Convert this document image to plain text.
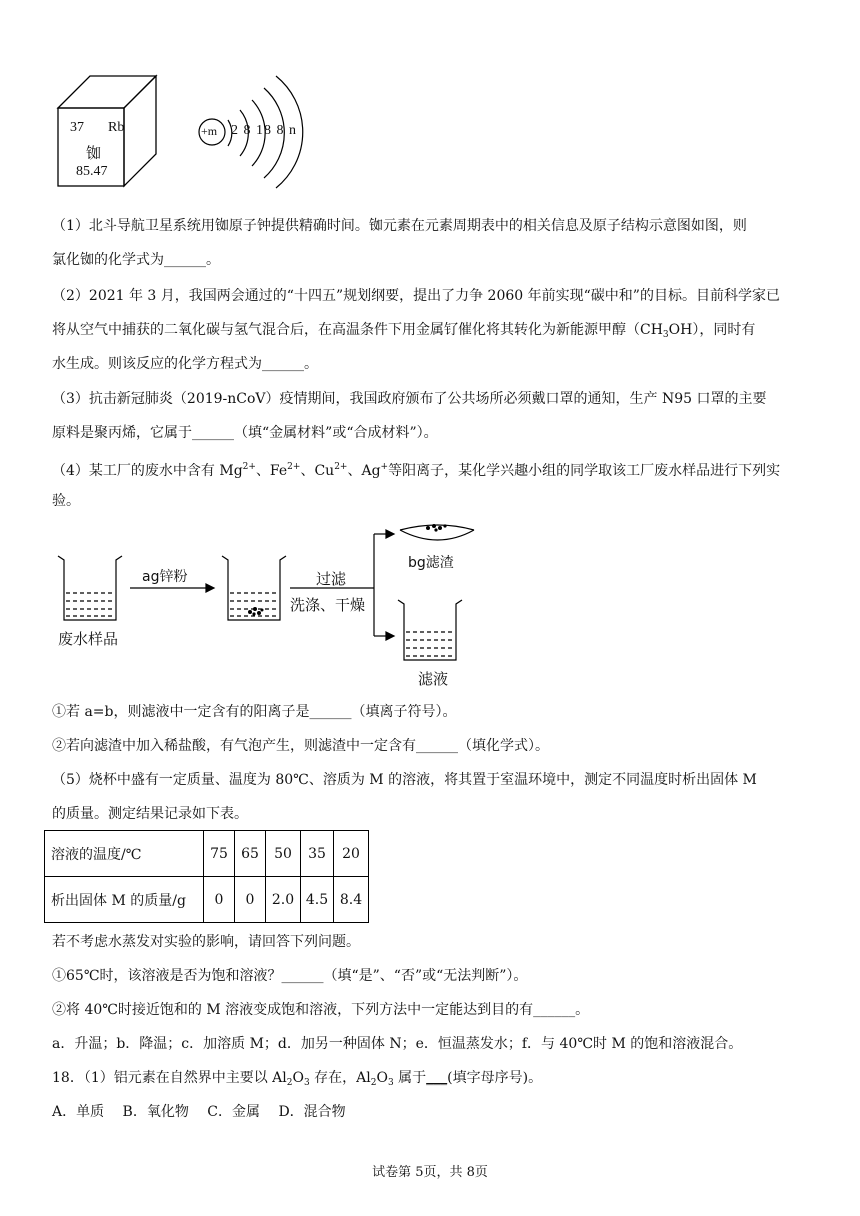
37 Rb
铷
85.47
+m 2 8 18 8 n
（1）北斗导航卫星系统用铷原子钟提供精确时间。铷元素在元素周期表中的相关信息及原子结构示意图如图，则
氯化铷的化学式为______。
（2）2021 年 3 月，我国两会通过的“十四五”规划纲要，提出了力争 2060 年前实现“碳中和”的目标。目前科学家已
将从空气中捕获的二氧化碳与氢气混合后，在高温条件下用金属钌催化将其转化为新能源甲醇$(CH_3OH)$，同时有
水生成。则该反应的化学方程式为______。
（3）抗击新冠肺炎（2019-nCoV）疫情期间，我国政府颁布了公共场所必须戴口罩的通知，生产 N95 口罩的主要
原料是聚丙烯，它属于______（填“金属材料”或“合成材料”）。
（4）某工厂的废水中含有 $Mg^{2+}$、$Fe^{2+}$、$Cu^{2+}$、Ag+等阳离子，某化学兴趣小组的同学取该工厂废水样品进行下列实
验。
废水样品
ag锌粉	过滤
洗涤、干燥
bg滤渣
滤液
①若 a=b，则滤液中一定含有的阳离子是______（填离子符号）。
②若向滤渣中加入稀盐酸，有气泡产生，则滤渣中一定含有______（填化学式）。
（5）烧杯中盛有一定质量、温度为 80℃、溶质为 M 的溶液，将其置于室温环境中，测定不同温度时析出固体 M
的质量。测定结果记录如下表。
溶液的温度/℃	75	65	50	35	20
析出固体 M 的质量/g	0	0	2.0	4.5	8.4
若不考虑水蒸发对实验的影响，请回答下列问题。
①65℃时，该溶液是否为饱和溶液？______（填“是”、“否”或“无法判断”）。
②将 40℃时接近饱和的 M 溶液变成饱和溶液，下列方法中一定能达到目的有______。
a．升温；b．降温；c．加溶质 M；d．加另一种固体 N；e．恒温蒸发水；f．与 40℃时 M 的饱和溶液混合。
18．（1）铝元素在自然界中主要以 $Al_2O_3$ 存在，$Al_2O_3$ 属于___(填字母序号)。
A．单质　 B．氧化物　 C．金属　 D．混合物
试卷第 5页，共 8页
